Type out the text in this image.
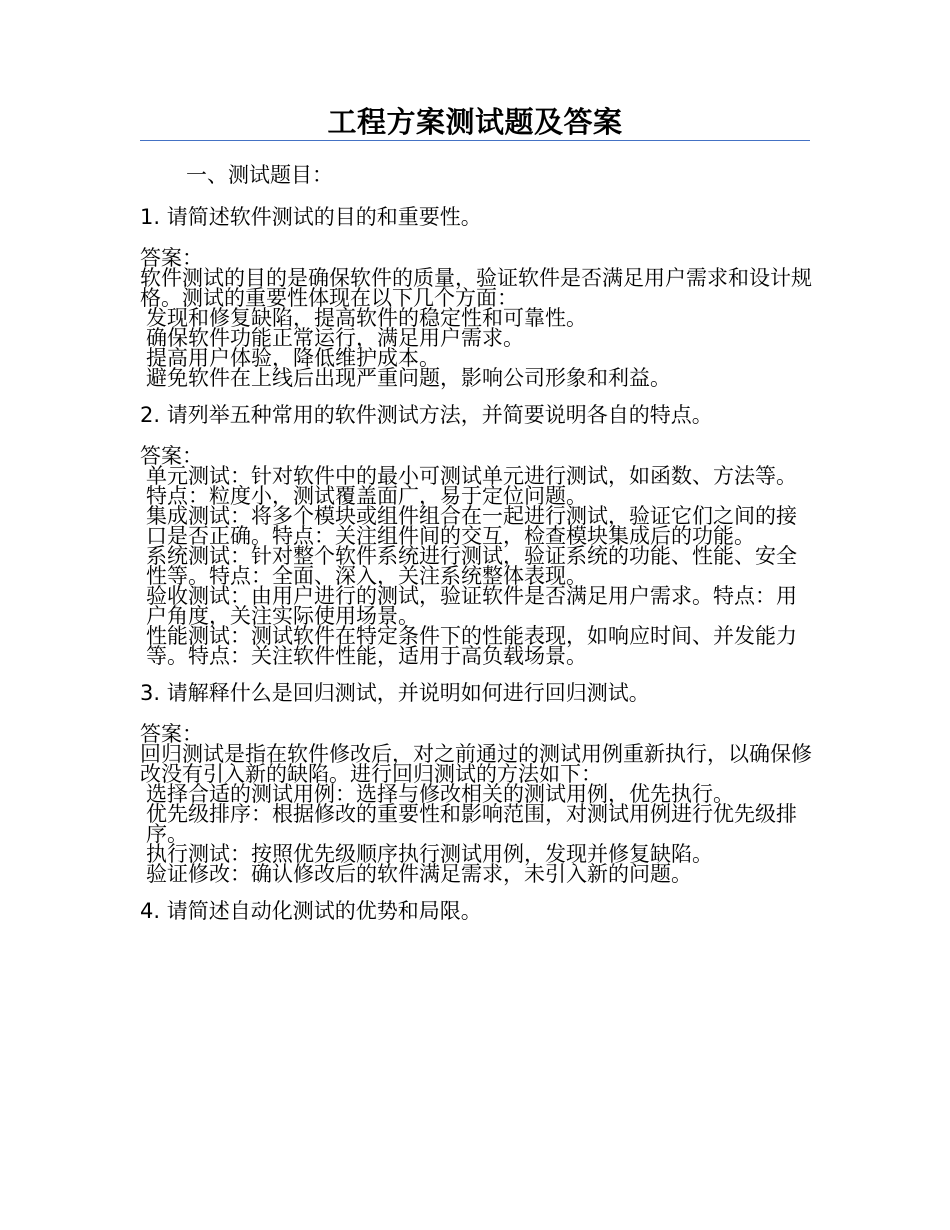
工程方案测试题及答案
一、测试题目：
1. 请简述软件测试的目的和重要性。
答案：
软件测试的目的是确保软件的质量，验证软件是否满足用户需求和设计规格。测试的重要性体现在以下几个方面：
发现和修复缺陷，提高软件的稳定性和可靠性。
确保软件功能正常运行，满足用户需求。
提高用户体验，降低维护成本。
避免软件在上线后出现严重问题，影响公司形象和利益。
2. 请列举五种常用的软件测试方法，并简要说明各自的特点。
答案：
单元测试：针对软件中的最小可测试单元进行测试，如函数、方法等。特点：粒度小，测试覆盖面广，易于定位问题。
集成测试：将多个模块或组件组合在一起进行测试，验证它们之间的接口是否正确。特点：关注组件间的交互，检查模块集成后的功能。
系统测试：针对整个软件系统进行测试，验证系统的功能、性能、安全性等。特点：全面、深入，关注系统整体表现。
验收测试：由用户进行的测试，验证软件是否满足用户需求。特点：用户角度，关注实际使用场景。
性能测试：测试软件在特定条件下的性能表现，如响应时间、并发能力等。特点：关注软件性能，适用于高负载场景。
3. 请解释什么是回归测试，并说明如何进行回归测试。
答案：
回归测试是指在软件修改后，对之前通过的测试用例重新执行，以确保修改没有引入新的缺陷。进行回归测试的方法如下：
选择合适的测试用例：选择与修改相关的测试用例，优先执行。
优先级排序：根据修改的重要性和影响范围，对测试用例进行优先级排序。
执行测试：按照优先级顺序执行测试用例，发现并修复缺陷。
验证修改：确认修改后的软件满足需求，未引入新的问题。
4. 请简述自动化测试的优势和局限。
